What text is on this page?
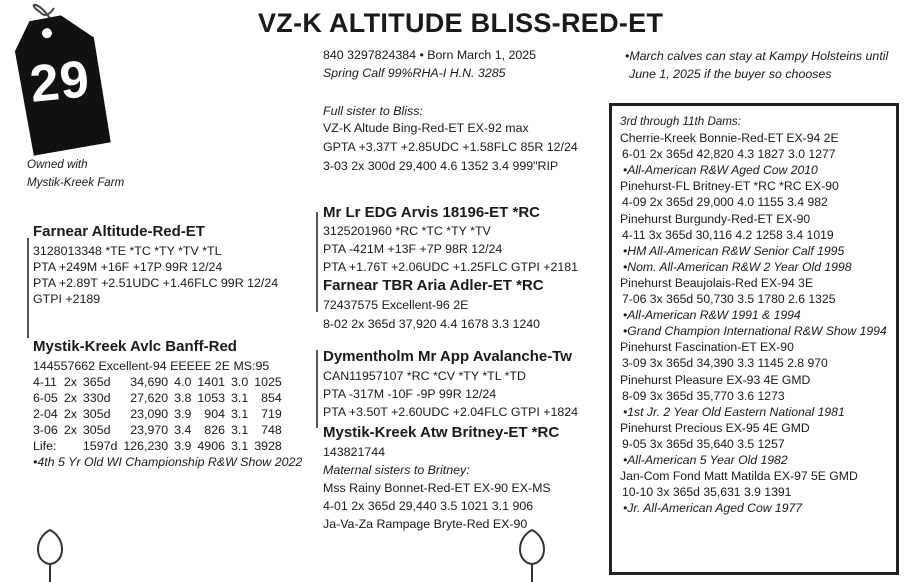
29
Owned with
Mystik-Kreek Farm
VZ-K ALTITUDE BLISS-RED-ET
840 3297824384 • Born March 1, 2025
Spring Calf 99%RHA-I H.N. 3285
•March calves can stay at Kampy Holsteins until
June 1, 2025 if the buyer so chooses
Farnear Altitude-Red-ET
3128013348 *TE *TC *TY *TV *TL
PTA +249M +16F +17P 99R 12/24
PTA +2.89T +2.51UDC +1.46FLC 99R 12/24
GTPI +2189
Mystik-Kreek Avlc Banff-Red
144557662 Excellent-94 EEEEE 2E MS:95
4-11	2x	365d	34,690	4.0	1401	3.0	1025
6-05	2x	330d	27,620	3.8	1053	3.1	854
2-04	2x	305d	23,090	3.9	904	3.1	719
3-06	2x	305d	23,970	3.4	826	3.1	748
Life:		1597d	126,230	3.9	4906	3.1	3928
•4th 5 Yr Old WI Championship R&W Show 2022
Full sister to Bliss:
VZ-K Altude Bing-Red-ET EX-92 max
GPTA +3.37T +2.85UDC +1.58FLC 85R 12/24
3-03 2x 300d 29,400 4.6 1352 3.4 999"RIP
Mr Lr EDG Arvis 18196-ET *RC
3125201960 *RC *TC *TY *TV
PTA -421M +13F +7P 98R 12/24
PTA +1.76T +2.06UDC +1.25FLC GTPI +2181
Farnear TBR Aria Adler-ET *RC
72437575 Excellent-96 2E
8-02 2x 365d 37,920 4.4 1678 3.3 1240
Dymentholm Mr App Avalanche-Tw
CAN11957107 *RC *CV *TY *TL *TD
PTA -317M -10F -9P 99R 12/24
PTA +3.50T +2.60UDC +2.04FLC GTPI +1824
Mystik-Kreek Atw Britney-ET *RC
143821744
Maternal sisters to Britney:
Mss Rainy Bonnet-Red-ET EX-90 EX-MS
4-01 2x 365d 29,440 3.5 1021 3.1 906
Ja-Va-Za Rampage Bryte-Red EX-90
3rd through 11th Dams:
Cherrie-Kreek Bonnie-Red-ET EX-94 2E
6-01 2x 365d 42,820 4.3 1827 3.0 1277
•All-American R&W Aged Cow 2010
Pinehurst-FL Britney-ET *RC *RC EX-90
4-09 2x 365d 29,000 4.0 1155 3.4 982
Pinehurst Burgundy-Red-ET EX-90
4-11 3x 365d 30,116 4.2 1258 3.4 1019
•HM All-American R&W Senior Calf 1995
•Nom. All-American R&W 2 Year Old 1998
Pinehurst Beaujolais-Red EX-94 3E
7-06 3x 365d 50,730 3.5 1780 2.6 1325
•All-American R&W 1991 & 1994
•Grand Champion International R&W Show 1994
Pinehurst Fascination-ET EX-90
3-09 3x 365d 34,390 3.3 1145 2.8 970
Pinehurst Pleasure EX-93 4E GMD
8-09 3x 365d 35,770 3.6 1273
•1st Jr. 2 Year Old Eastern National 1981
Pinehurst Precious EX-95 4E GMD
9-05 3x 365d 35,640 3.5 1257
•All-American 5 Year Old 1982
Jan-Com Fond Matt Matilda EX-97 5E GMD
10-10 3x 365d 35,631 3.9 1391
•Jr. All-American Aged Cow 1977
